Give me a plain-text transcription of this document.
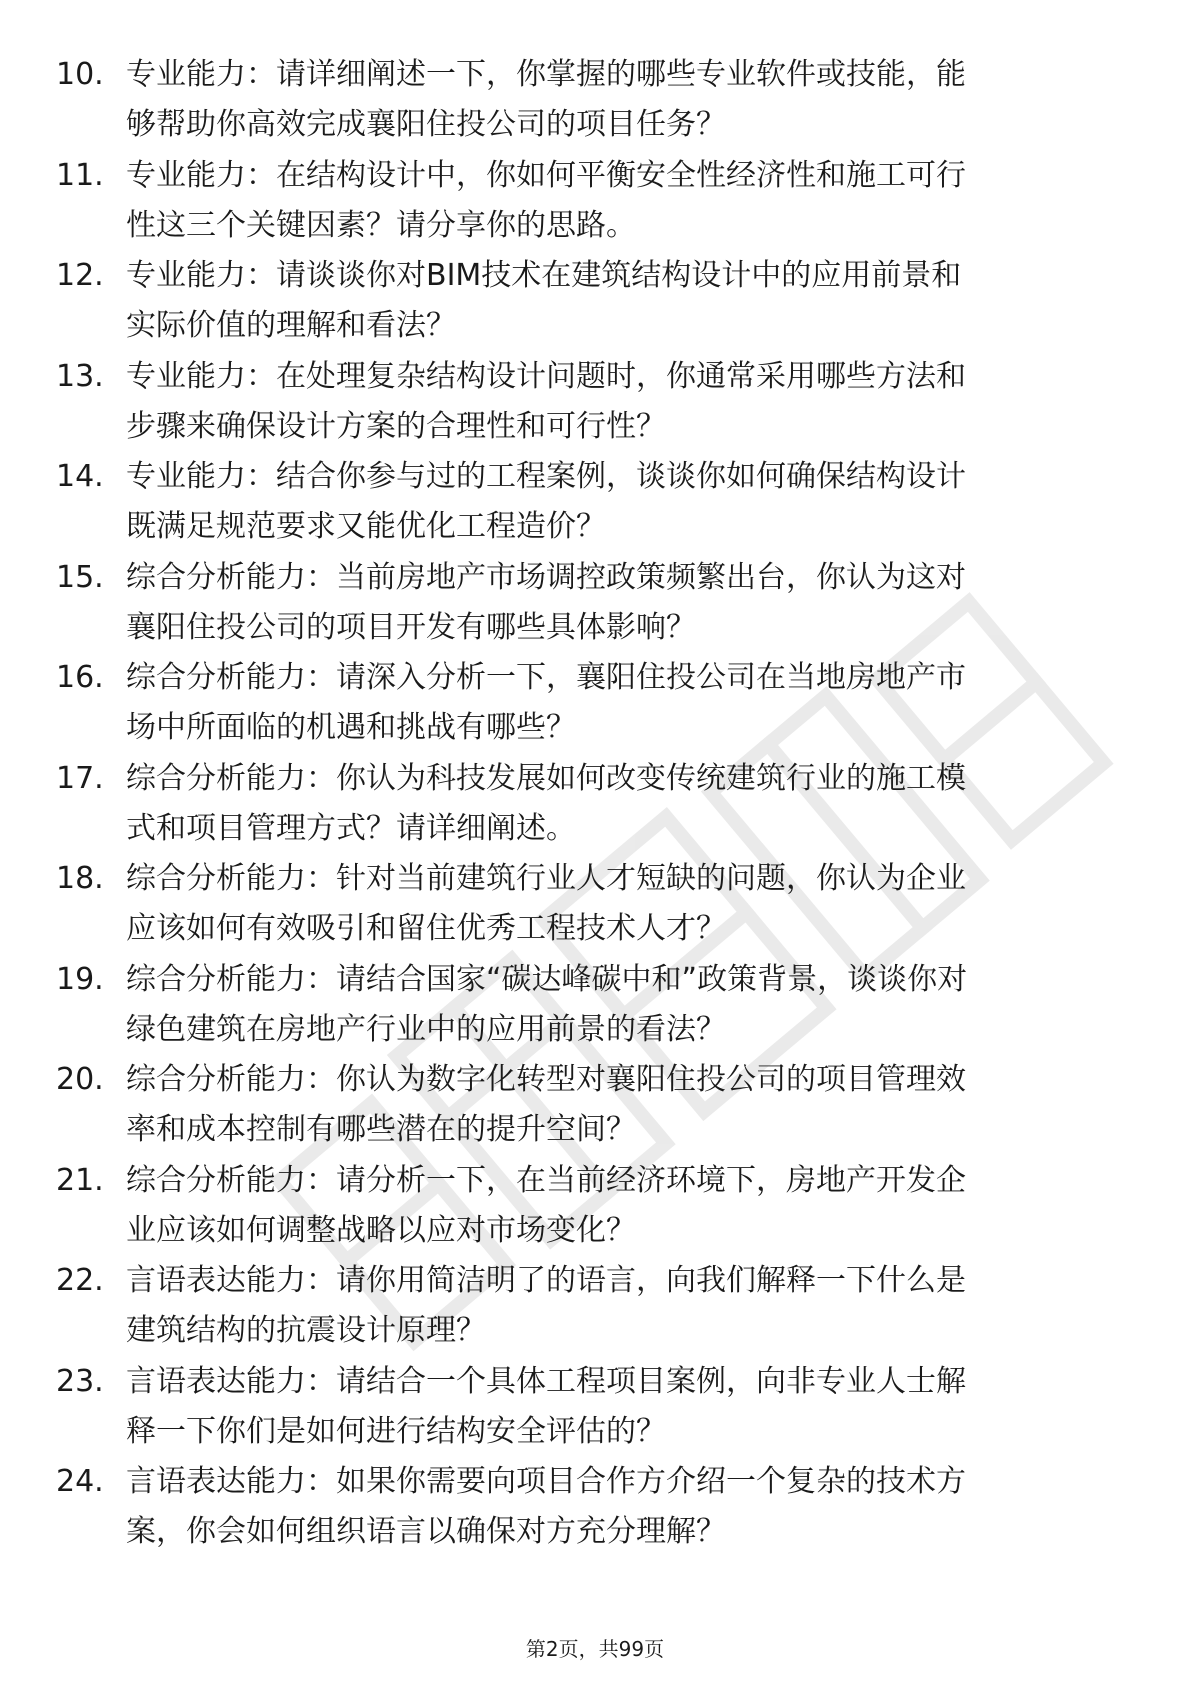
10. 专业能力：请详细阐述一下，你掌握的哪些专业软件或技能，能
够帮助你高效完成襄阳住投公司的项目任务？

11. 专业能力：在结构设计中，你如何平衡安全性经济性和施工可行
性这三个关键因素？请分享你的思路。

12. 专业能力：请谈谈你对BIM技术在建筑结构设计中的应用前景和
实际价值的理解和看法？

13. 专业能力：在处理复杂结构设计问题时，你通常采用哪些方法和
步骤来确保设计方案的合理性和可行性？

14. 专业能力：结合你参与过的工程案例，谈谈你如何确保结构设计
既满足规范要求又能优化工程造价？

15. 综合分析能力：当前房地产市场调控政策频繁出台，你认为这对
襄阳住投公司的项目开发有哪些具体影响？

16. 综合分析能力：请深入分析一下，襄阳住投公司在当地房地产市
场中所面临的机遇和挑战有哪些？

17. 综合分析能力：你认为科技发展如何改变传统建筑行业的施工模
式和项目管理方式？请详细阐述。

18. 综合分析能力：针对当前建筑行业人才短缺的问题，你认为企业
应该如何有效吸引和留住优秀工程技术人才？

19. 综合分析能力：请结合国家“碳达峰碳中和”政策背景，谈谈你对
绿色建筑在房地产行业中的应用前景的看法？

20. 综合分析能力：你认为数字化转型对襄阳住投公司的项目管理效
率和成本控制有哪些潜在的提升空间？

21. 综合分析能力：请分析一下，在当前经济环境下，房地产开发企
业应该如何调整战略以应对市场变化？

22. 言语表达能力：请你用简洁明了的语言，向我们解释一下什么是
建筑结构的抗震设计原理？

23. 言语表达能力：请结合一个具体工程项目案例，向非专业人士解
释一下你们是如何进行结构安全评估的？

24. 言语表达能力：如果你需要向项目合作方介绍一个复杂的技术方
案，你会如何组织语言以确保对方充分理解？

第2页，共99页
